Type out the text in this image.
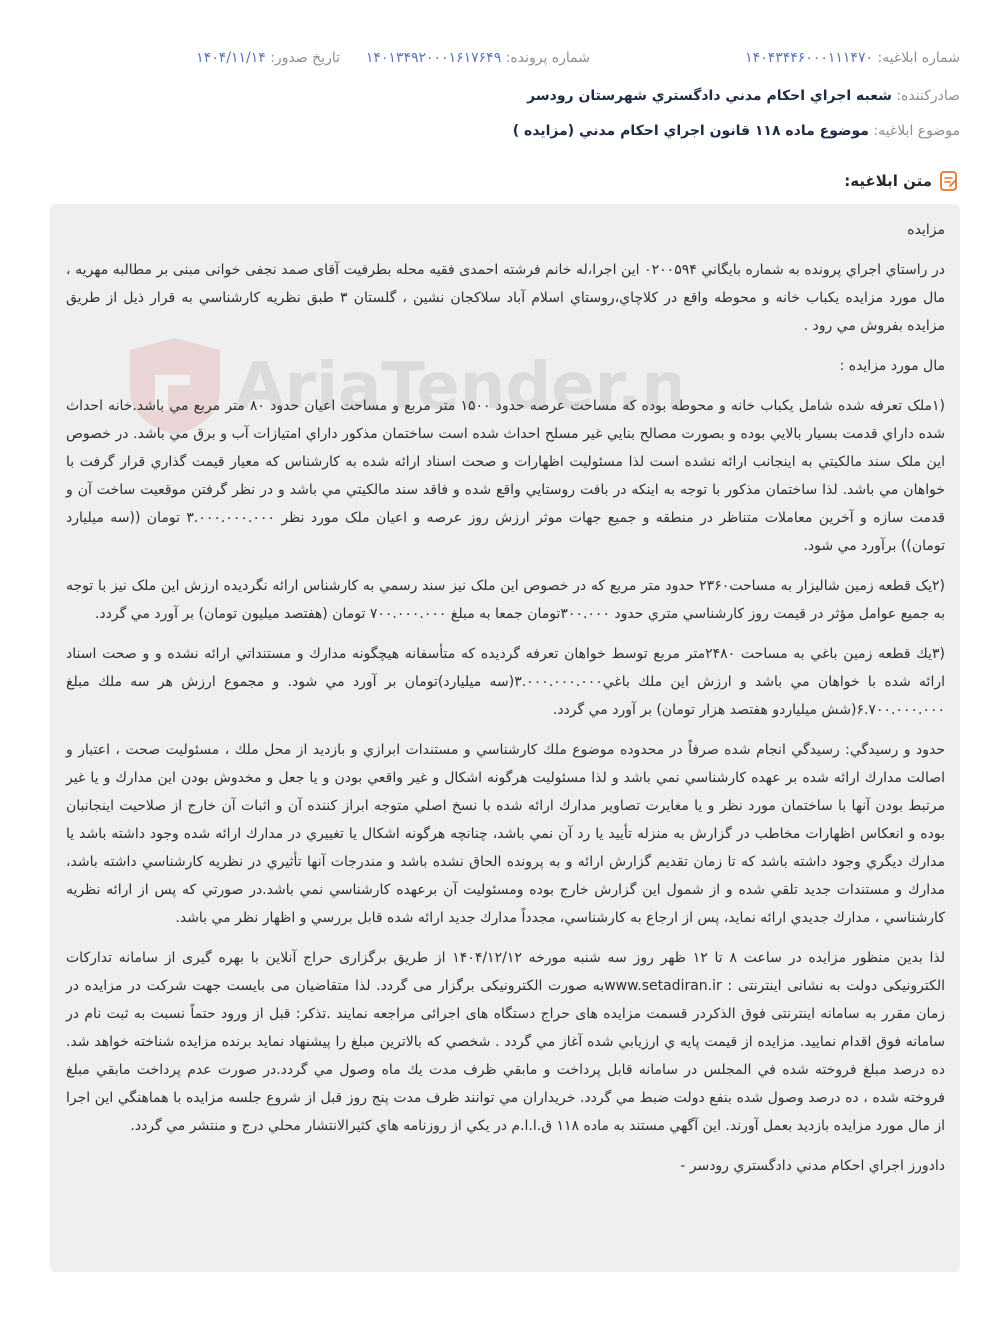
شماره ابلاغیه: ۱۴۰۴۳۴۴۶۰۰۰۱۱۱۴۷۰
شماره پرونده: ۱۴۰۱۳۴۹۲۰۰۰۱۶۱۷۶۴۹
تاریخ صدور: ۱۴۰۴/۱۱/۱۴
صادرکننده: شعبه اجراي احكام مدني دادگستري شهرستان رودسر
موضوع ابلاغیه: موضوع ماده ۱۱۸ قانون اجراي احكام مدني (مزايده )
متن ابلاغیه:

مزايده

در راستاي اجراي پرونده به شماره بايگاني ۰۲۰۰۵۹۴ اين اجرا،له خانم فرشته احمدی فقیه محله بطرفيت آقای صمد نجفی خوانی مبنی بر مطالبه مهريه ، مال مورد مزايده يکباب خانه و محوطه واقع در کلاچاي،روستاي اسلام آباد سلاکجان نشين ، گلستان ۳ طبق نظريه كارشناسي به قرار ذيل از طريق مزايده بفروش مي رود .

مال مورد مزايده :

(۱ملک تعرفه شده شامل يکباب خانه و محوطه بوده که مساحت عرصه حدود ۱۵۰۰ متر مربع و مساحت اعيان حدود ۸۰ متر مربع مي باشد.خانه احداث شده داراي قدمت بسيار بالايي بوده و بصورت مصالح بنايي غير مسلح احداث شده است ساختمان مذکور داراي امتيازات آب و برق مي باشد. در خصوص اين ملک سند مالکيتي به اينجانب ارائه نشده است لذا مسئوليت اظهارات و صحت اسناد ارائه شده به کارشناس که معيار قيمت گذاري قرار گرفت با خواهان مي باشد. لذا ساختمان مذکور با توجه به اينکه در بافت روستايي واقع شده و فاقد سند مالکيتي مي باشد و در نظر گرفتن موقعيت ساخت آن و قدمت سازه و آخرين معاملات متناظر در منطقه و جميع جهات موثر ارزش روز عرصه و اعيان ملک مورد نظر ۳.۰۰۰.۰۰۰.۰۰۰ تومان ((سه ميليارد تومان)) برآورد مي شود.

(۲يک قطعه زمين شاليزار به مساحت۲۳۶۰ حدود متر مربع که در خصوص اين ملک نيز سند رسمي به کارشناس ارائه نگرديده ارزش اين ملک نيز با توجه به جميع عوامل مؤثر در قيمت روز کارشناسي متري حدود ۳۰۰.۰۰۰تومان جمعا به مبلغ ۷۰۰.۰۰۰.۰۰۰ تومان (هفتصد ميليون تومان) بر آورد مي گردد.

(۳يك قطعه زمين باغي به مساحت ۲۴۸۰متر مربع توسط خواهان تعرفه گرديده كه متأسفانه هيچگونه مدارك و مستنداتي ارائه نشده و و صحت اسناد ارائه شده با خواهان مي باشد و ارزش اين ملك باغي۳.۰۰۰.۰۰۰.۰۰۰(سه ميليارد)تومان بر آورد مي شود. و مجموع ارزش هر سه ملك مبلغ ۶.۷۰۰.۰۰۰.۰۰۰(شش ميلياردو هفتصد هزار تومان) بر آورد مي گردد.

حدود و رسيدگي: رسيدگي انجام شده صرفاً در محدوده موضوع ملك كارشناسي و مستندات ابرازي و بازديد از محل ملك ، مسئوليت صحت ، اعتبار و اصالت مدارك ارائه شده بر عهده كارشناسي نمي باشد و لذا مسئوليت هرگونه اشكال و غير واقعي بودن و يا جعل و مخدوش بودن اين مدارك و يا غير مرتبط بودن آنها با ساختمان مورد نظر و يا مغايرت تصاوير مدارك ارائه شده با نسخ اصلي متوجه ابراز كننده آن و اثبات آن خارج از صلاحيت اينجانبان بوده و انعكاس اظهارات مخاطب در گزارش به منزله تأييد يا رد آن نمي باشد، چنانچه هرگونه اشكال يا تغييري در مدارك ارائه شده وجود داشته باشد يا مدارك ديگري وجود داشته باشد كه تا زمان تقديم گزارش ارائه و به پرونده الحاق نشده باشد و مندرجات آنها تأثيري در نظريه كارشناسي داشته باشد، مدارك و مستندات جديد تلقي شده و از شمول اين گزارش خارج بوده ومسئوليت آن برعهده كارشناسي نمي باشد.در صورتي كه پس از ارائه نظريه كارشناسي ، مدارك جديدي ارائه نمايد، پس از ارجاع به كارشناسي، مجدداً مدارك جديد ارائه شده قابل بررسي و اظهار نظر مي باشد.

لذا بدين منظور مزايده در ساعت ۸ تا ۱۲ ظهر روز سه شنبه مورخه ۱۴۰۴/۱۲/۱۲ از طريق برگزاری حراج آنلاين با بهره گيری از سامانه تدارکات الکترونيکی دولت به نشانی اينترنتی : www.setadiran.ir‌به صورت الکترونيکی برگزار می گردد. لذا متقاضيان می بايست جهت شرکت در مزايده در زمان مقرر به سامانه اينترنتی فوق الذکردر قسمت مزايده های حراج دستگاه های اجرائی مراجعه نمايند .تذکر: قبل از ورود حتماً نسبت به ثبت نام در سامانه فوق اقدام نماييد. مزايده از قيمت پايه ي ارزيابي شده آغاز مي گردد . شخصي كه بالاترين مبلغ را پيشنهاد نمايد برنده مزايده شناخته خواهد شد. ده درصد مبلغ فروخته شده في المجلس در سامانه قابل پرداخت و مابقي ظرف مدت يك ماه وصول مي گردد.در صورت عدم پرداخت مابقي مبلغ فروخته شده ، ده درصد وصول شده بنفع دولت ضبط مي گردد. خريداران مي توانند ظرف مدت پنج روز قبل از شروع جلسه مزايده با هماهنگي اين اجرا از مال مورد مزايده بازديد بعمل آورند. اين آگهي مستند به ماده ۱۱۸ ق.ا.ا.م در يكي از روزنامه هاي كثيرالانتشار محلي درج و منتشر مي گردد.

دادورز اجراي احكام مدني دادگستري رودسر -
